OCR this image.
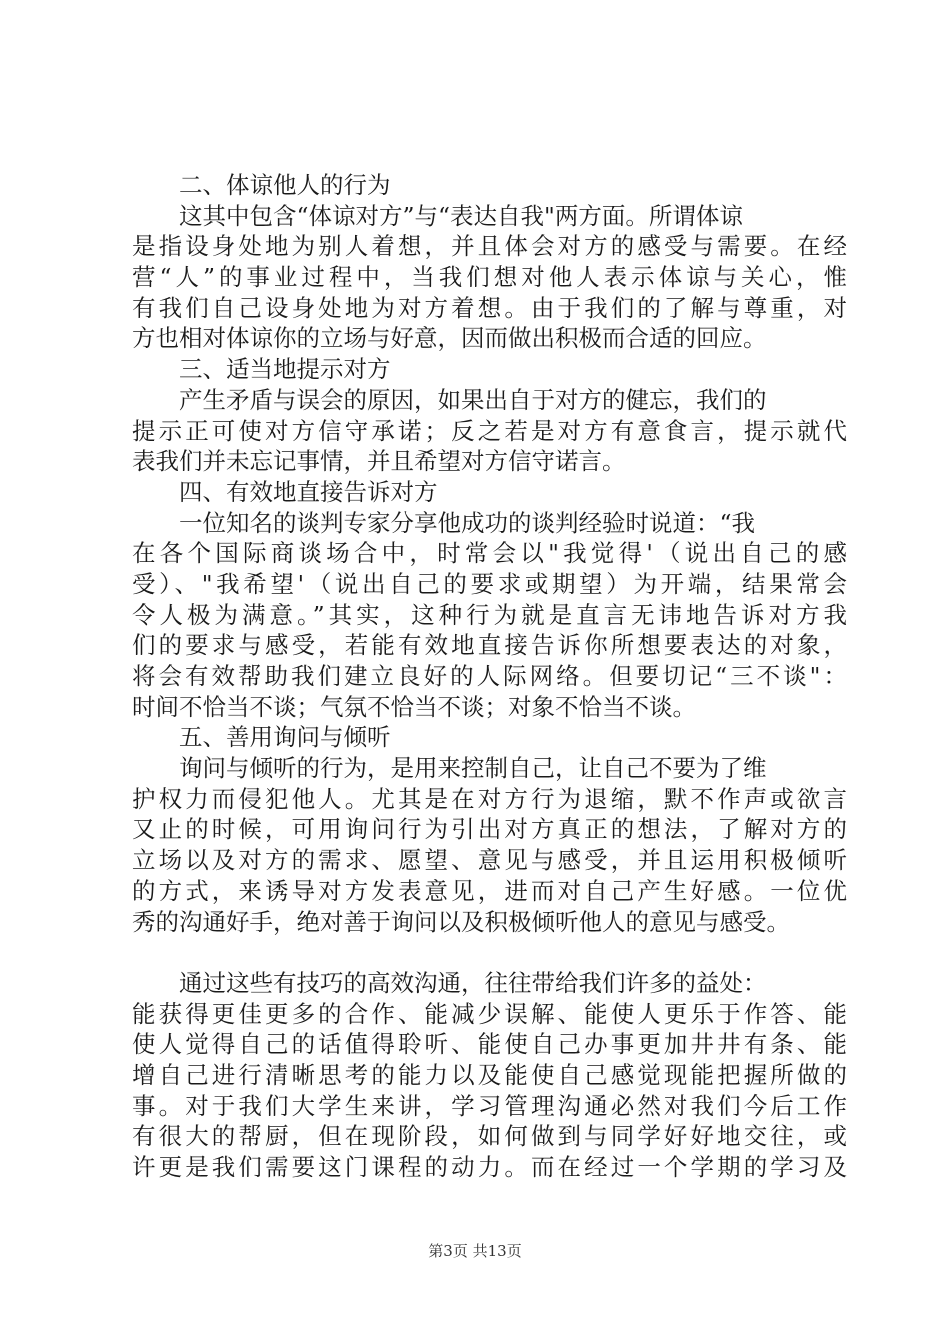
二、体谅他人的行为
这其中包含“体谅对方”与“表达自我"两方面。所谓体谅
是指设身处地为别人着想，并且体会对方的感受与需要。在经
营“人”的事业过程中，当我们想对他人表示体谅与关心，惟
有我们自己设身处地为对方着想。由于我们的了解与尊重，对
方也相对体谅你的立场与好意，因而做出积极而合适的回应。
三、适当地提示对方
产生矛盾与误会的原因，如果出自于对方的健忘，我们的
提示正可使对方信守承诺；反之若是对方有意食言，提示就代
表我们并未忘记事情，并且希望对方信守诺言。
四、有效地直接告诉对方
一位知名的谈判专家分享他成功的谈判经验时说道：“我
在各个国际商谈场合中，时常会以"我觉得'（说出自己的感
受）、"我希望'（说出自己的要求或期望）为开端，结果常会
令人极为满意。”其实，这种行为就是直言无讳地告诉对方我
们的要求与感受，若能有效地直接告诉你所想要表达的对象，
将会有效帮助我们建立良好的人际网络。但要切记“三不谈"：
时间不恰当不谈；气氛不恰当不谈；对象不恰当不谈。
五、善用询问与倾听
询问与倾听的行为，是用来控制自己，让自己不要为了维
护权力而侵犯他人。尤其是在对方行为退缩，默不作声或欲言
又止的时候，可用询问行为引出对方真正的想法，了解对方的
立场以及对方的需求、愿望、意见与感受，并且运用积极倾听
的方式，来诱导对方发表意见，进而对自己产生好感。一位优
秀的沟通好手，绝对善于询问以及积极倾听他人的意见与感受。
通过这些有技巧的高效沟通，往往带给我们许多的益处：
能获得更佳更多的合作、能减少误解、能使人更乐于作答、能
使人觉得自己的话值得聆听、能使自己办事更加井井有条、能
增自己进行清晰思考的能力以及能使自己感觉现能把握所做的
事。对于我们大学生来讲，学习管理沟通必然对我们今后工作
有很大的帮厨，但在现阶段，如何做到与同学好好地交往，或
许更是我们需要这门课程的动力。而在经过一个学期的学习及
第3页 共13页
